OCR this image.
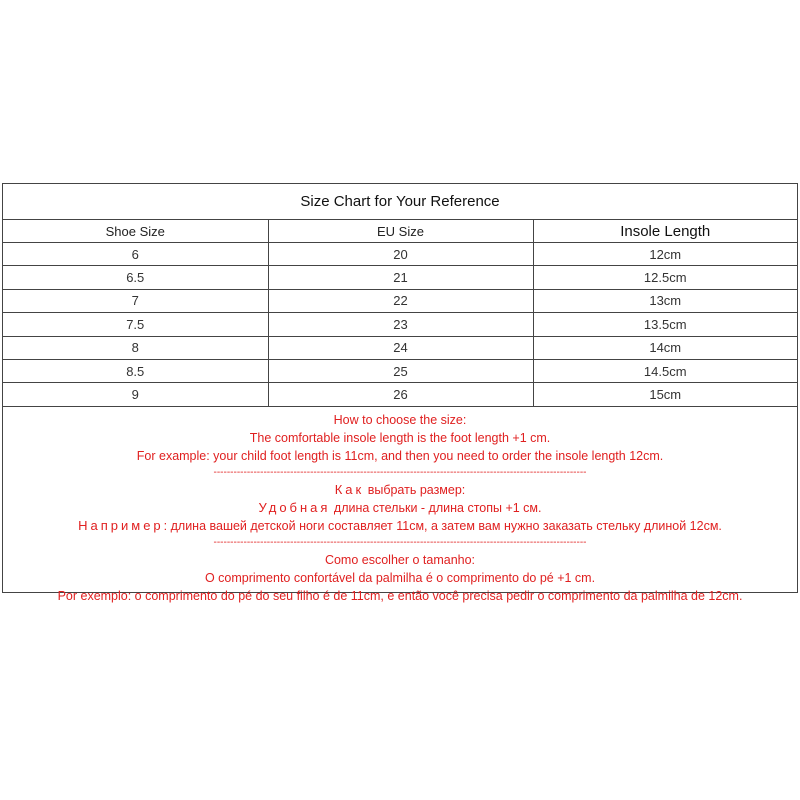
Size Chart for Your Reference
Shoe Size	EU Size	Insole Length
6	20	12cm
6.5	21	12.5cm
7	22	13cm
7.5	23	13.5cm
8	24	14cm
8.5	25	14.5cm
9	26	15cm
How to choose the size:
The comfortable insole length is the foot length +1 cm.
For example: your child foot length is 11cm, and then you need to order the insole length 12cm.
----------------------------------------------------------------------------------------------------------------
Как выбрать размер:
Удобная длина стельки - длина стопы +1 см.
Например: длина вашей детской ноги составляет 11см, а затем вам нужно заказать стельку длиной 12см.
----------------------------------------------------------------------------------------------------------------
Como escolher o tamanho:
O comprimento confortável da palmilha é o comprimento do pé +1 cm.
Por exemplo: o comprimento do pé do seu filho é de 11cm, e então você precisa pedir o comprimento da palmilha de 12cm.
